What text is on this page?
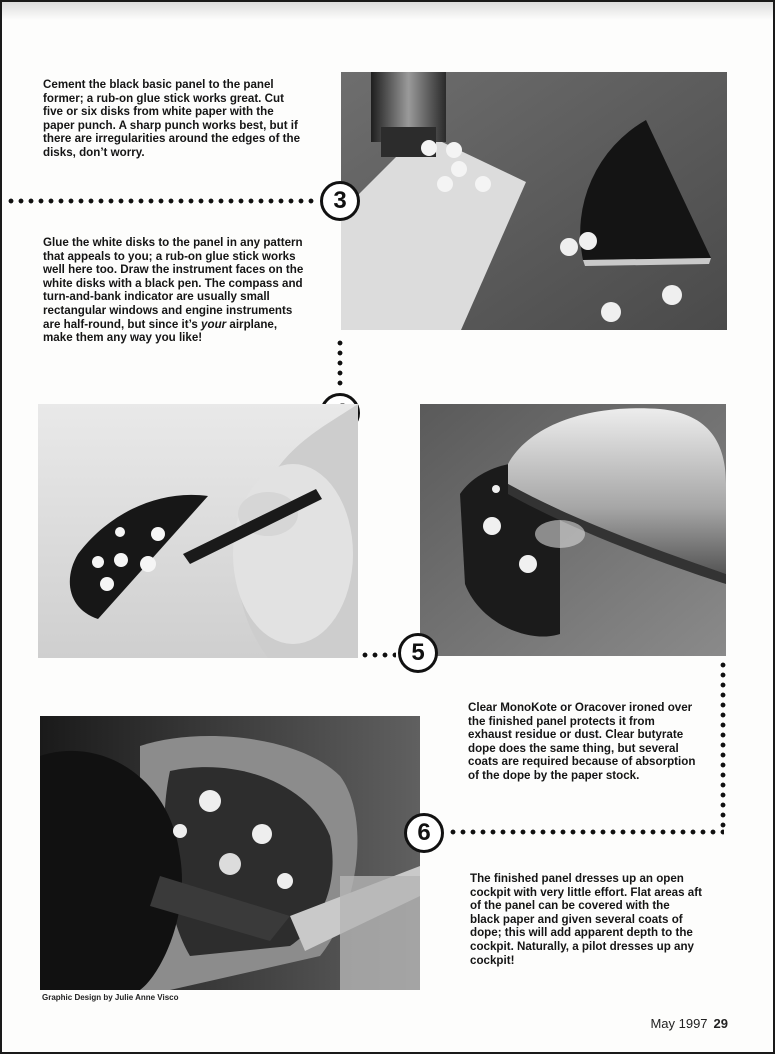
Cement the black basic panel to the panel former; a rub-on glue stick works great. Cut five or six disks from white paper with the paper punch. A sharp punch works best, but if there are irregularities around the edges of the disks, don’t worry.

3

Glue the white disks to the panel in any pattern that appeals to you; a rub-on glue stick works well here too. Draw the instrument faces on the white disks with a black pen. The compass and turn-and-bank indicator are usually small rectangular windows and engine instruments are half-round, but since it’s your airplane, make them any way you like!

5

Clear MonoKote or Oracover ironed over the finished panel protects it from exhaust residue or dust. Clear butyrate dope does the same thing, but several coats are required because of absorption of the dope by the paper stock.

6

The finished panel dresses up an open cockpit with very little effort. Flat areas aft of the panel can be covered with the black paper and given several coats of dope; this will add apparent depth to the cockpit. Naturally, a pilot dresses up any cockpit!

Graphic Design by Julie Anne Visco
May 1997 29
